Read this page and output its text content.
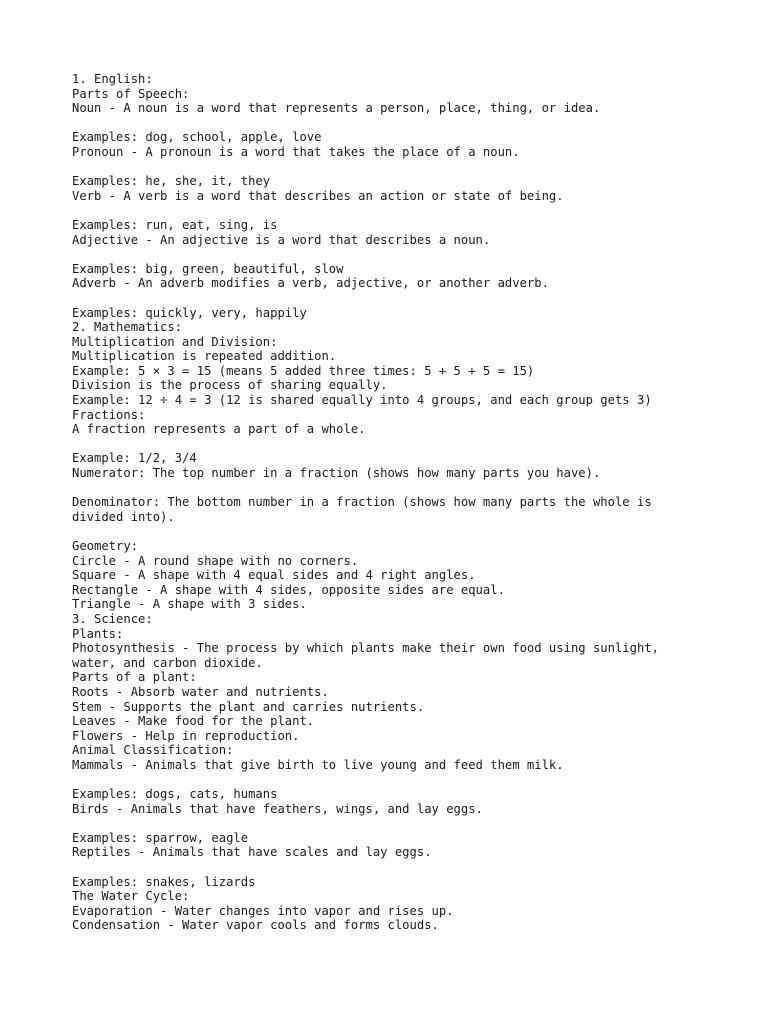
1. English:
Parts of Speech:
Noun - A noun is a word that represents a person, place, thing, or idea.
Examples: dog, school, apple, love
Pronoun - A pronoun is a word that takes the place of a noun.
Examples: he, she, it, they
Verb - A verb is a word that describes an action or state of being.
Examples: run, eat, sing, is
Adjective - An adjective is a word that describes a noun.
Examples: big, green, beautiful, slow
Adverb - An adverb modifies a verb, adjective, or another adverb.
Examples: quickly, very, happily
2. Mathematics:
Multiplication and Division:
Multiplication is repeated addition.
Example: 5 × 3 = 15 (means 5 added three times: 5 + 5 + 5 = 15)
Division is the process of sharing equally.
Example: 12 ÷ 4 = 3 (12 is shared equally into 4 groups, and each group gets 3)
Fractions:
A fraction represents a part of a whole.
Example: 1/2, 3/4
Numerator: The top number in a fraction (shows how many parts you have).
Denominator: The bottom number in a fraction (shows how many parts the whole is
divided into).
Geometry:
Circle - A round shape with no corners.
Square - A shape with 4 equal sides and 4 right angles.
Rectangle - A shape with 4 sides, opposite sides are equal.
Triangle - A shape with 3 sides.
3. Science:
Plants:
Photosynthesis - The process by which plants make their own food using sunlight,
water, and carbon dioxide.
Parts of a plant:
Roots - Absorb water and nutrients.
Stem - Supports the plant and carries nutrients.
Leaves - Make food for the plant.
Flowers - Help in reproduction.
Animal Classification:
Mammals - Animals that give birth to live young and feed them milk.
Examples: dogs, cats, humans
Birds - Animals that have feathers, wings, and lay eggs.
Examples: sparrow, eagle
Reptiles - Animals that have scales and lay eggs.
Examples: snakes, lizards
The Water Cycle:
Evaporation - Water changes into vapor and rises up.
Condensation - Water vapor cools and forms clouds.
